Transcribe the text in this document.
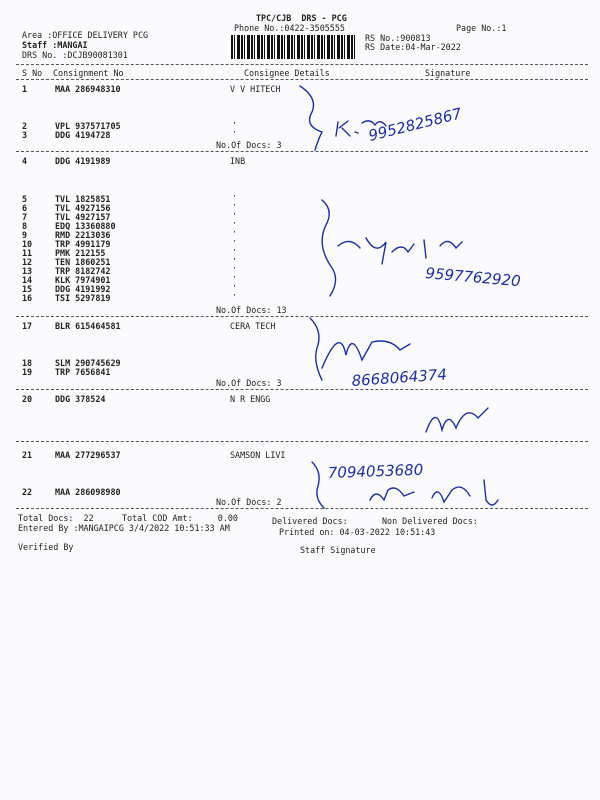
TPC/CJB  DRS - PCG
Phone No.:0422-3505555	Page No.:1
Area :OFFICE DELIVERY PCG
Staff :MANGAI
DRS No. :DCJB90081301
RS No.:900813
RS Date:04-Mar-2022
S No Consignment No	Consignee Details	Signature
1	MAA 286948310	V V HITECH
2	VPL 937571705
3	DDG 4194728
No.Of Docs: 3
4	DDG 4191989	INB
5	TVL 1825851
6	TVL 4927156
7	TVL 4927157
8	EDQ 13360880
9	RMD 2213036
10	TRP 4991179
11	PMK 212155
12	TEN 1860251
13	TRP 8182742
14	KLK 7974901
15	DDG 4191992
16	TSI 5297819
No.Of Docs: 13
17	BLR 615464581	CERA TECH
18	SLM 290745629
19	TRP 7656841
No.Of Docs: 3
20	DDG 378524	N R ENGG
21	MAA 277296537	SAMSON LIVI
22	MAA 286098980
No.Of Docs: 2
·
·
·
·
·
·
·
·
·
·
·
·
·
·
Total Docs:  22	Total COD Amt:     0.00	Delivered Docs:	Non Delivered Docs:
Entered By :MANGAIPCG 3/4/2022 10:51:33 AM	Printed on: 04-03-2022 10:51:43
Verified By	Staff Signature
9952825867
9597762920
8668064374
7094053680
